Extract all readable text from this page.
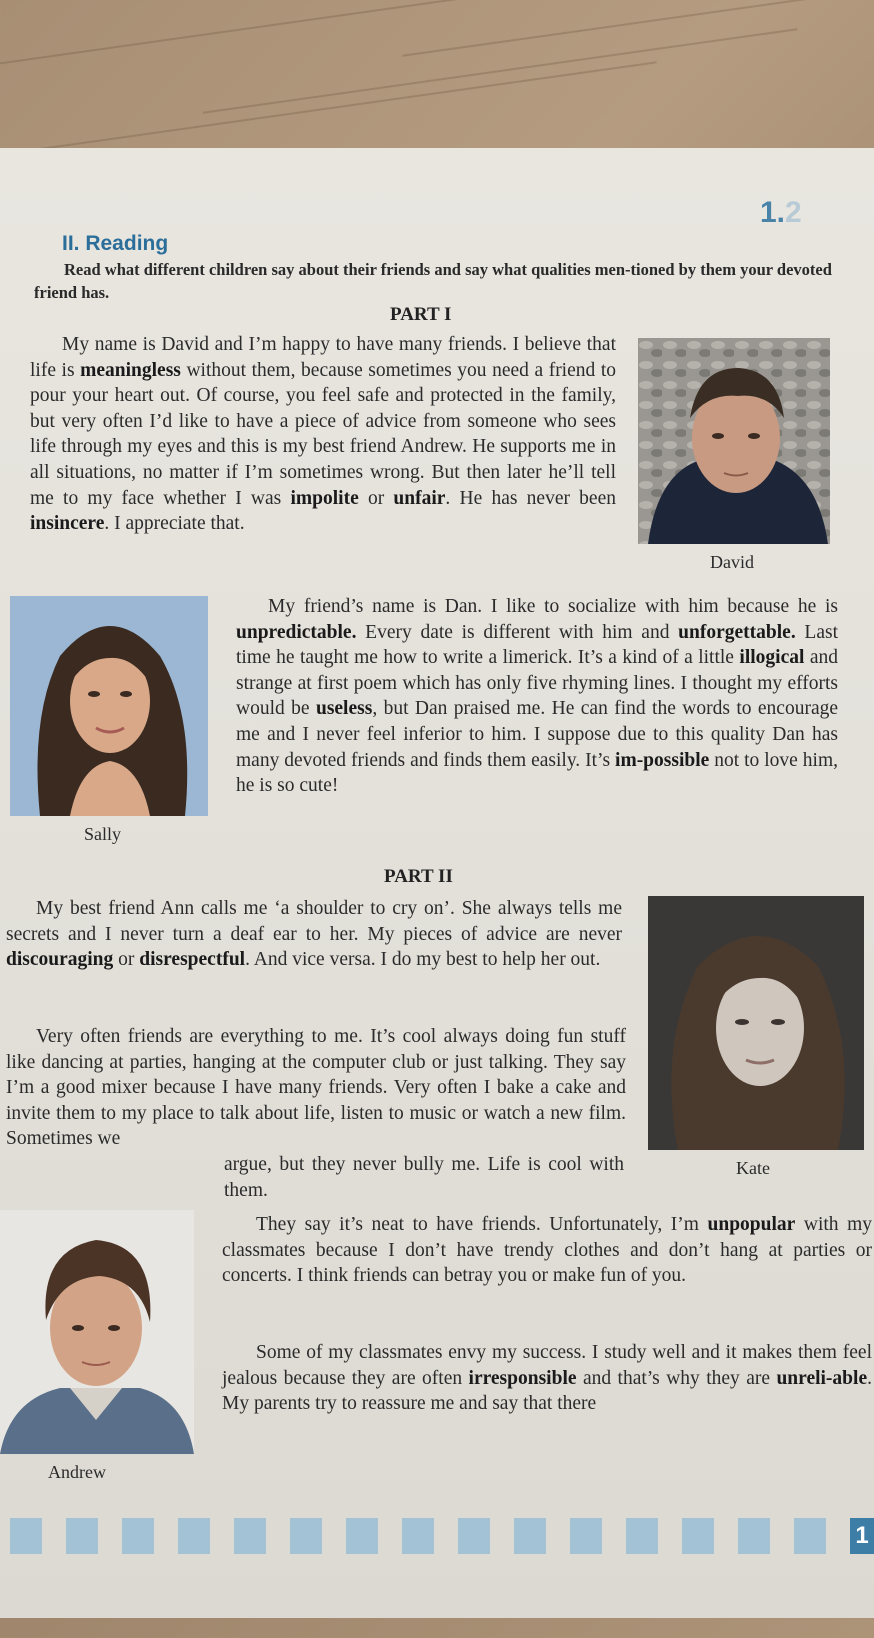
1.2
II. Reading
Read what different children say about their friends and say what qualities men-tioned by them your devoted friend has.
PART I

My name is David and I’m happy to have many friends. I believe that life is meaningless without them, because sometimes you need a friend to pour your heart out. Of course, you feel safe and protected in the family, but very often I’d like to have a piece of advice from someone who sees life through my eyes and this is my best friend Andrew. He supports me in all situations, no matter if I’m sometimes wrong. But then later he’ll tell me to my face whether I was impolite or unfair. He has never been insincere. I appreciate that.

David
Sally

My friend’s name is Dan. I like to socialize with him because he is unpredictable. Every date is different with him and unforgettable. Last time he taught me how to write a limerick. It’s a kind of a little illogical and strange at first poem which has only five rhyming lines. I thought my efforts would be useless, but Dan praised me. He can find the words to encourage me and I never feel inferior to him. I suppose due to this quality Dan has many devoted friends and finds them easily. It’s im-possible not to love him, he is so cute!

PART II

My best friend Ann calls me ‘a shoulder to cry on’. She always tells me secrets and I never turn a deaf ear to her. My pieces of advice are never discouraging or disrespectful. And vice versa. I do my best to help her out.

Very often friends are everything to me. It’s cool always doing fun stuff like dancing at parties, hanging at the computer club or just talking. They say I’m a good mixer because I have many friends. Very often I bake a cake and invite them to my place to talk about life, listen to music or watch a new film. Sometimes we

argue, but they never bully me. Life is cool with them.

Kate
Andrew

They say it’s neat to have friends. Unfortunately, I’m unpopular with my classmates because I don’t have trendy clothes and don’t hang at parties or concerts. I think friends can betray you or make fun of you.

Some of my classmates envy my success. I study well and it makes them feel jealous because they are often irresponsible and that’s why they are unreli-able. My parents try to reassure me and say that there

1
